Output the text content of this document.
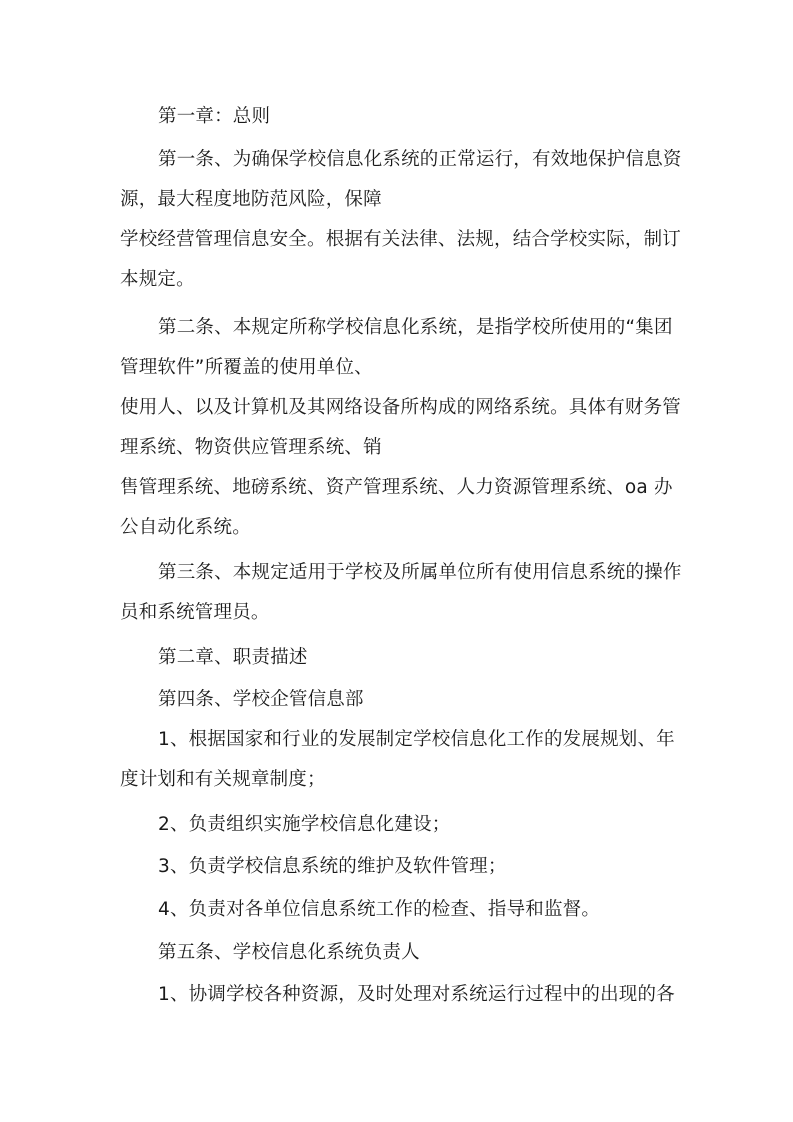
第一章：总则
第一条、为确保学校信息化系统的正常运行，有效地保护信息资
源，最大程度地防范风险，保障
学校经营管理信息安全。根据有关法律、法规，结合学校实际，制订
本规定。
第二条、本规定所称学校信息化系统，是指学校所使用的“集团
管理软件”所覆盖的使用单位、
使用人、以及计算机及其网络设备所构成的网络系统。具体有财务管
理系统、物资供应管理系统、销
售管理系统、地磅系统、资产管理系统、人力资源管理系统、oa 办
公自动化系统。
第三条、本规定适用于学校及所属单位所有使用信息系统的操作
员和系统管理员。
第二章、职责描述
第四条、学校企管信息部
1、根据国家和行业的发展制定学校信息化工作的发展规划、年
度计划和有关规章制度；
2、负责组织实施学校信息化建设；
3、负责学校信息系统的维护及软件管理；
4、负责对各单位信息系统工作的检查、指导和监督。
第五条、学校信息化系统负责人
1、协调学校各种资源，及时处理对系统运行过程中的出现的各
